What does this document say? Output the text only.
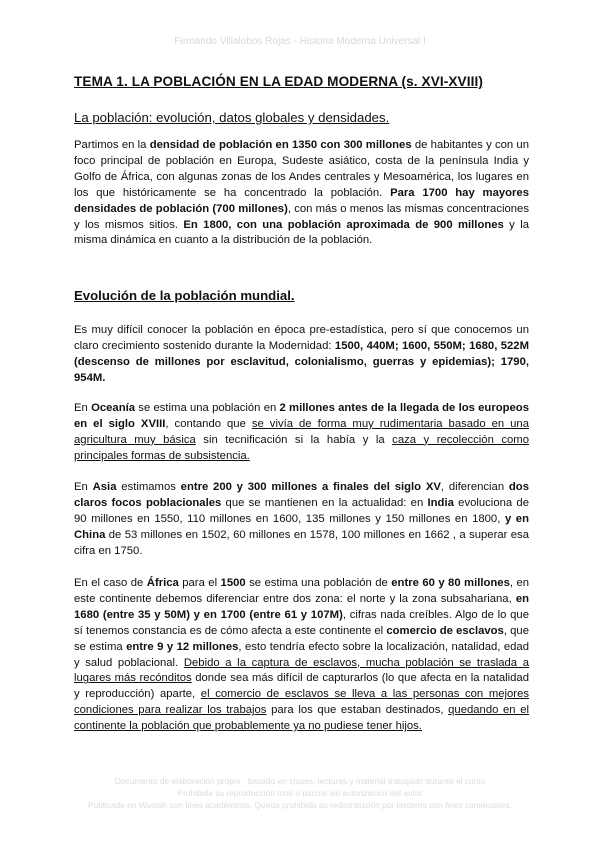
Fernando Villalobos Rojas - Historia Moderna Universal I
TEMA 1. LA POBLACIÓN EN LA EDAD MODERNA (s. XVI-XVIII)
La población: evolución, datos globales y densidades.

Partimos en la densidad de población en 1350 con 300 millones de habitantes y con un foco principal de población en Europa, Sudeste asiático, costa de la península India y Golfo de África, con algunas zonas de los Andes centrales y Mesoamérica, los lugares en los que históricamente se ha concentrado la población. Para 1700 hay mayores densidades de población (700 millones), con más o menos las mismas concentraciones y los mismos sitios. En 1800, con una población aproximada de 900 millones y la misma dinámica en cuanto a la distribución de la población.

Evolución de la población mundial.

Es muy difícil conocer la población en época pre-estadística, pero sí que conocemos un claro crecimiento sostenido durante la Modernidad: 1500, 440M; 1600, 550M; 1680, 522M (descenso de millones por esclavitud, colonialismo, guerras y epidemias); 1790, 954M.

En Oceanía se estima una población en 2 millones antes de la llegada de los europeos en el siglo XVIII, contando que se vivía de forma muy rudimentaria basado en una agricultura muy básica sin tecnificación si la había y la caza y recolección como principales formas de subsistencia.

En Asia estimamos entre 200 y 300 millones a finales del siglo XV, diferencian dos claros focos poblacionales que se mantienen en la actualidad: en India evoluciona de 90 millones en 1550, 110 millones en 1600, 135 millones y 150 millones en 1800, y en China de 53 millones en 1502, 60 millones en 1578, 100 millones en 1662 , a superar esa cifra en 1750.

En el caso de África para el 1500 se estima una población de entre 60 y 80 millones, en este continente debemos diferenciar entre dos zona: el norte y la zona subsahariana, en 1680 (entre 35 y 50M) y en 1700 (entre 61 y 107M), cifras nada creíbles. Algo de lo que sí tenemos constancia es de cómo afecta a este continente el comercio de esclavos, que se estima entre 9 y 12 millones, esto tendría efecto sobre la localización, natalidad, edad y salud poblacional. Debido a la captura de esclavos, mucha población se traslada a lugares más recónditos donde sea más difícil de capturarlos (lo que afecta en la natalidad y reproducción) aparte, el comercio de esclavos se lleva a las personas con mejores condiciones para realizar los trabajos para los que estaban destinados, quedando en el continente la población que probablemente ya no pudiese tener hijos.

Documento de elaboración propia · basado en clases, lecturas y material trabajado durante el curso
Prohibida su reproducción total o parcial sin autorización del autor
Publicado en Wuolah con fines académicos. Queda prohibida su redistribución por terceros con fines comerciales.
